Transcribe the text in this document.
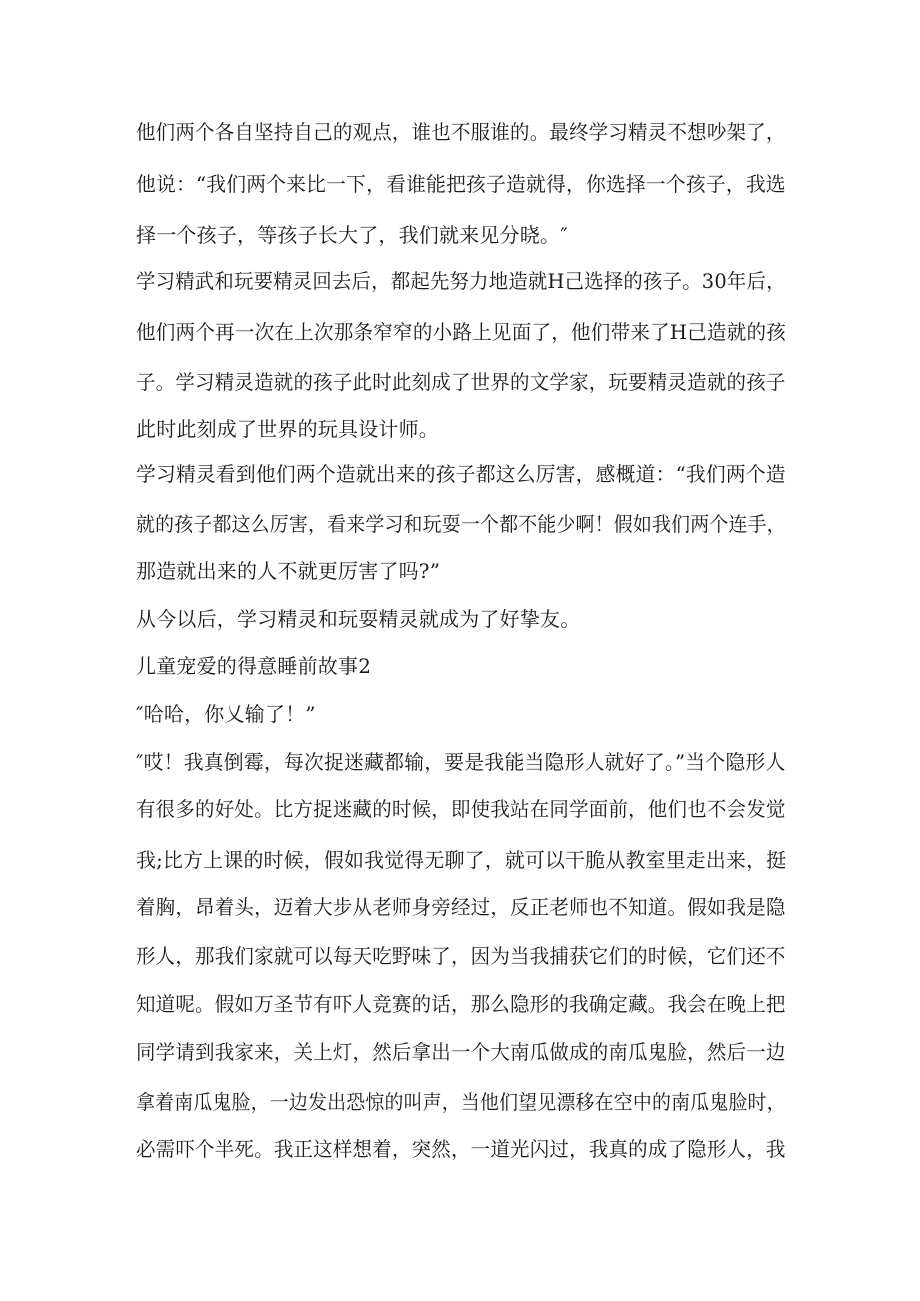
他们两个各自坚持自己的观点，谁也不服谁的。最终学习精灵不想吵架了，
他说：“我们两个来比一下，看谁能把孩子造就得，你选择一个孩子，我选
择一个孩子，等孩子长大了，我们就来见分晓。″
学习精武和玩要精灵回去后，都起先努力地造就H己选择的孩子。30年后，
他们两个再一次在上次那条窄窄的小路上见面了，他们带来了H己造就的孩
子。学习精灵造就的孩子此时此刻成了世界的文学家，玩要精灵造就的孩子
此时此刻成了世界的玩具设计师。
学习精灵看到他们两个造就出来的孩子都这么厉害，感概道：“我们两个造
就的孩子都这么厉害，看来学习和玩耍一个都不能少啊！假如我们两个连手，
那造就出来的人不就更厉害了吗?”
从今以后，学习精灵和玩耍精灵就成为了好挚友。
儿童宠爱的得意睡前故事2
″哈哈，你乂输了！”
″哎！我真倒霉，每次捉迷藏都输，要是我能当隐形人就好了。”当个隐形人
有很多的好处。比方捉迷藏的时候，即使我站在同学面前，他们也不会发觉
我;比方上课的时候，假如我觉得无聊了，就可以干脆从教室里走出来，挺
着胸，昂着头，迈着大步从老师身旁经过，反正老师也不知道。假如我是隐
形人，那我们家就可以每天吃野味了，因为当我捕获它们的时候，它们还不
知道呢。假如万圣节有吓人竞赛的话，那么隐形的我确定藏。我会在晚上把
同学请到我家来，关上灯，然后拿出一个大南瓜做成的南瓜鬼脸，然后一边
拿着南瓜鬼脸，一边发出恐惊的叫声，当他们望见漂移在空中的南瓜鬼脸时，
必需吓个半死。我正这样想着，突然，一道光闪过，我真的成了隐形人，我
